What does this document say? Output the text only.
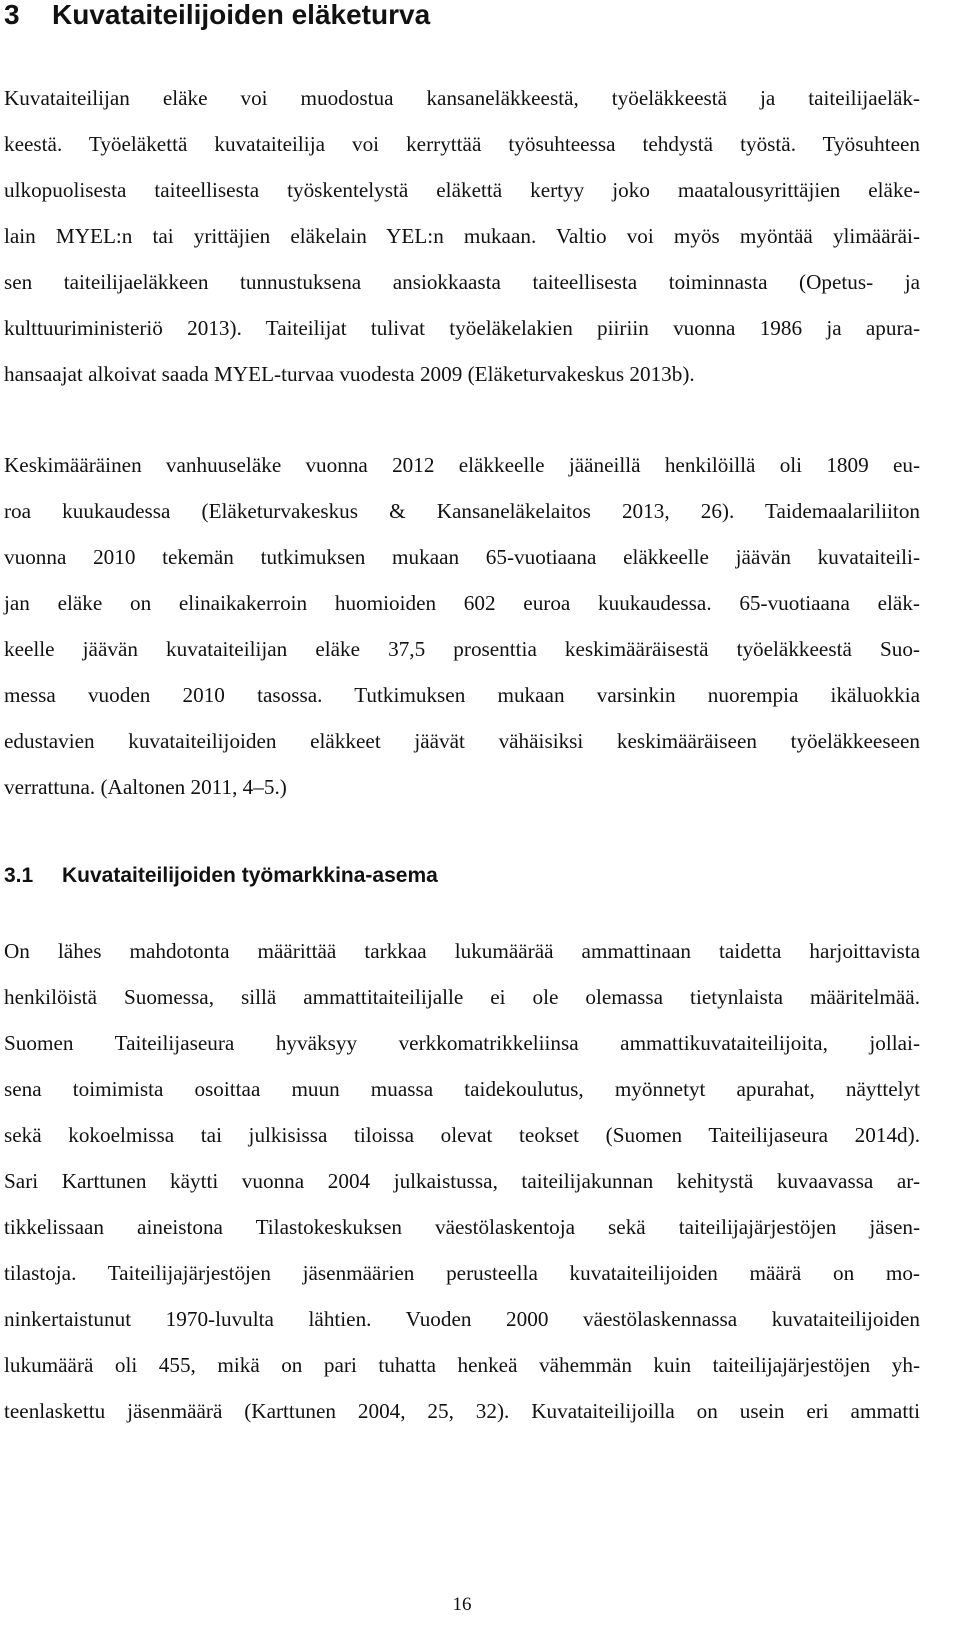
3 Kuvataiteilijoiden eläketurva
Kuvataiteilijan eläke voi muodostua kansaneläkkeestä, työeläkkeestä ja taiteilijaeläk-
keestä. Työeläkettä kuvataiteilija voi kerryttää työsuhteessa tehdystä työstä. Työsuhteen
ulkopuolisesta taiteellisesta työskentelystä eläkettä kertyy joko maatalousyrittäjien eläke-
lain MYEL:n tai yrittäjien eläkelain YEL:n mukaan. Valtio voi myös myöntää ylimääräi-
sen taiteilijaeläkkeen tunnustuksena ansiokkaasta taiteellisesta toiminnasta (Opetus- ja
kulttuuriministeriö 2013). Taiteilijat tulivat työeläkelakien piiriin vuonna 1986 ja apura-
hansaajat alkoivat saada MYEL-turvaa vuodesta 2009 (Eläketurvakeskus 2013b).
Keskimääräinen vanhuuseläke vuonna 2012 eläkkeelle jääneillä henkilöillä oli 1809 eu-
roa kuukaudessa (Eläketurvakeskus & Kansaneläkelaitos 2013, 26). Taidemaalariliiton
vuonna 2010 tekemän tutkimuksen mukaan 65-vuotiaana eläkkeelle jäävän kuvataiteili-
jan eläke on elinaikakerroin huomioiden 602 euroa kuukaudessa. 65-vuotiaana eläk-
keelle jäävän kuvataiteilijan eläke 37,5 prosenttia keskimääräisestä työeläkkeestä Suo-
messa vuoden 2010 tasossa. Tutkimuksen mukaan varsinkin nuorempia ikäluokkia
edustavien kuvataiteilijoiden eläkkeet jäävät vähäisiksi keskimääräiseen työeläkkeeseen
verrattuna. (Aaltonen 2011, 4–5.)
3.1 Kuvataiteilijoiden työmarkkina-asema
On lähes mahdotonta määrittää tarkkaa lukumäärää ammattinaan taidetta harjoittavista
henkilöistä Suomessa, sillä ammattitaiteilijalle ei ole olemassa tietynlaista määritelmää.
Suomen Taiteilijaseura hyväksyy verkkomatrikkeliinsa ammattikuvataiteilijoita, jollai-
sena toimimista osoittaa muun muassa taidekoulutus, myönnetyt apurahat, näyttelyt
sekä kokoelmissa tai julkisissa tiloissa olevat teokset (Suomen Taiteilijaseura 2014d).
Sari Karttunen käytti vuonna 2004 julkaistussa, taiteilijakunnan kehitystä kuvaavassa ar-
tikkelissaan aineistona Tilastokeskuksen väestölaskentoja sekä taiteilijajärjestöjen jäsen-
tilastoja. Taiteilijajärjestöjen jäsenmäärien perusteella kuvataiteilijoiden määrä on mo-
ninkertaistunut 1970-luvulta lähtien. Vuoden 2000 väestölaskennassa kuvataiteilijoiden
lukumäärä oli 455, mikä on pari tuhatta henkeä vähemmän kuin taiteilijajärjestöjen yh-
teenlaskettu jäsenmäärä (Karttunen 2004, 25, 32). Kuvataiteilijoilla on usein eri ammatti
16
